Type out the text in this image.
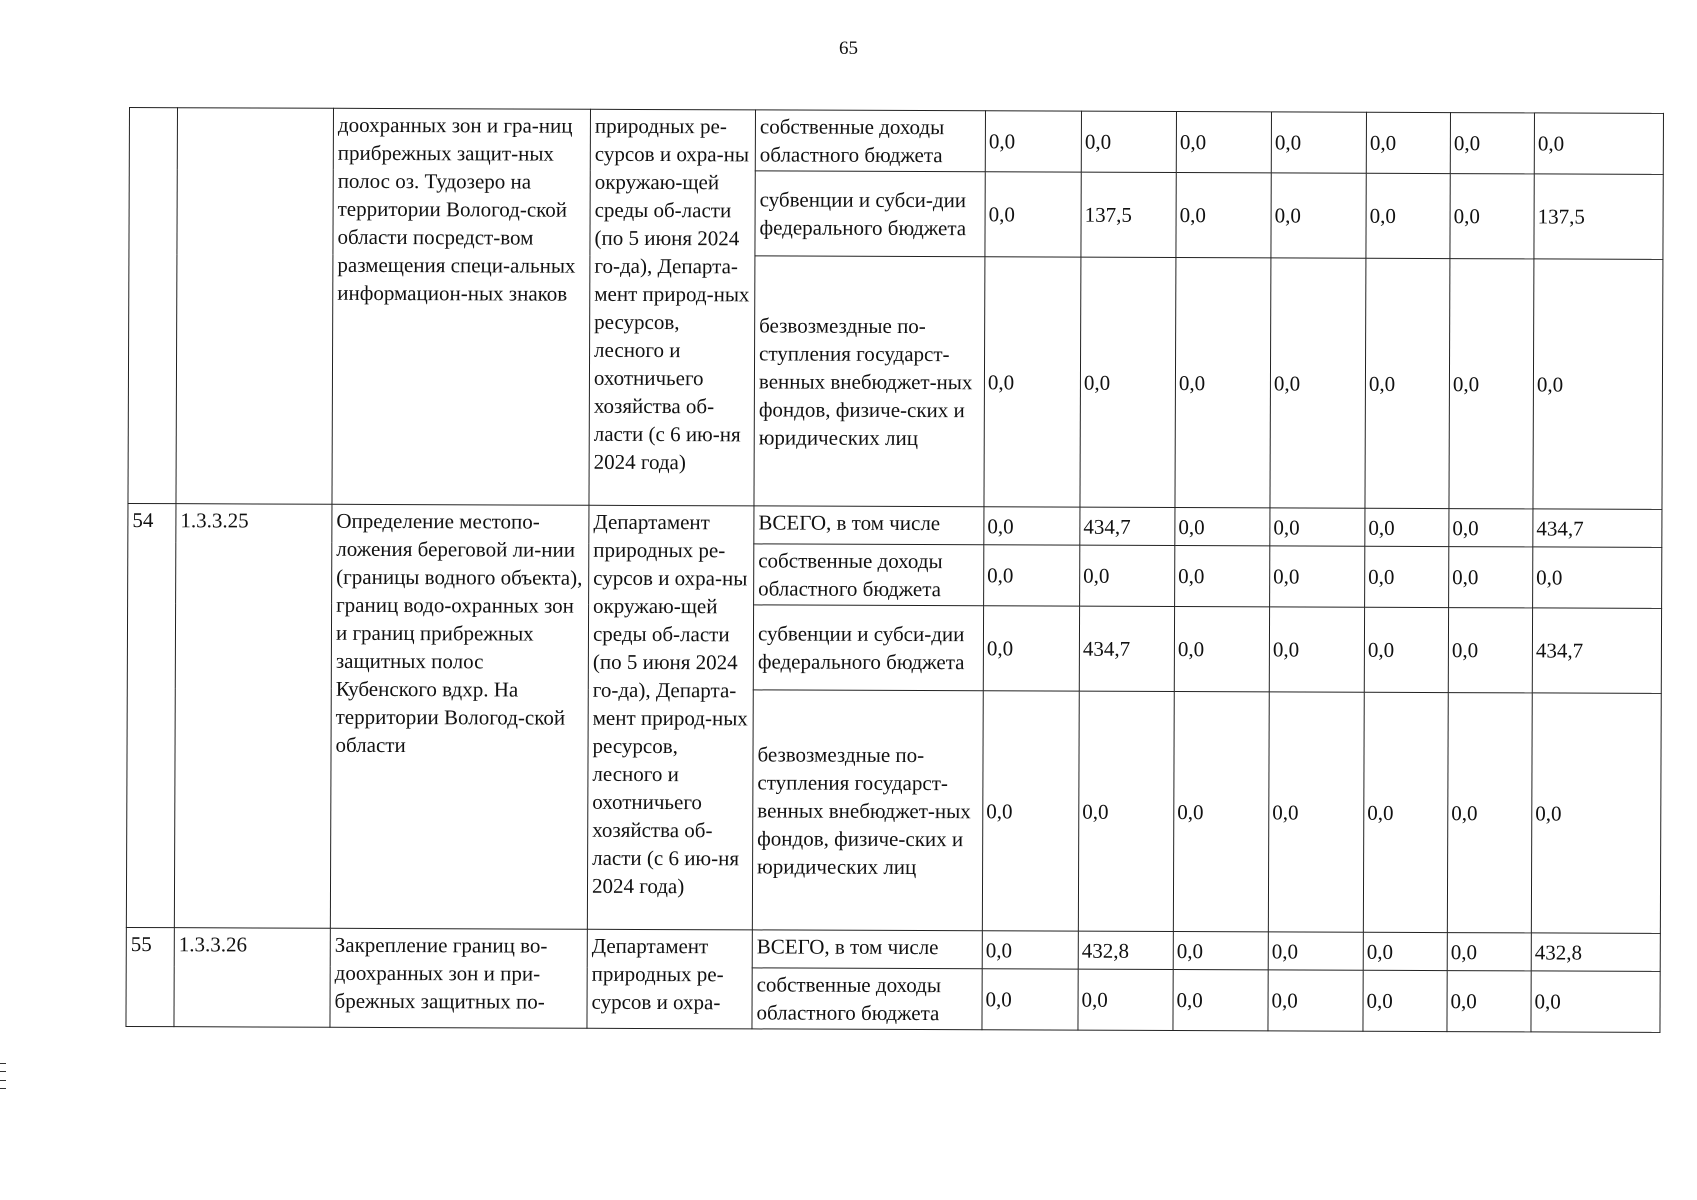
65
		доохранных зон и гра-ниц прибрежных защит-ных полос оз. Тудозеро на территории Вологод-ской области посредст-вом размещения специ-альных информацион-ных знаков	природных ре-сурсов и охра-ны окружаю-щей среды об-ласти (по 5 июня 2024 го-да), Департа-мент природ-ных ресурсов, лесного и охотничьего хозяйства об-ласти (с 6 ию-ня 2024 года)	собственные доходы областного бюджета	0,0	0,0	0,0	0,0	0,0	0,0	0,0
				субвенции и субси-дии федерального бюджета	0,0	137,5	0,0	0,0	0,0	0,0	137,5
				безвозмездные по-ступления государст-венных внебюджет-ных фондов, физиче-ских и юридических лиц	0,0	0,0	0,0	0,0	0,0	0,0	0,0
54	1.3.3.25	Определение местопо-ложения береговой ли-нии (границы водного объекта), границ водо-охранных зон и границ прибрежных защитных полос Кубенского вдхр. На территории Вологод-ской области	Департамент природных ре-сурсов и охра-ны окружаю-щей среды об-ласти (по 5 июня 2024 го-да), Департа-мент природ-ных ресурсов, лесного и охотничьего хозяйства об-ласти (с 6 ию-ня 2024 года)	ВСЕГО, в том числе	0,0	434,7	0,0	0,0	0,0	0,0	434,7
				собственные доходы областного бюджета	0,0	0,0	0,0	0,0	0,0	0,0	0,0
				субвенции и субси-дии федерального бюджета	0,0	434,7	0,0	0,0	0,0	0,0	434,7
				безвозмездные по-ступления государст-венных внебюджет-ных фондов, физиче-ских и юридических лиц	0,0	0,0	0,0	0,0	0,0	0,0	0,0
55	1.3.3.26	Закрепление границ во-доохранных зон и при-брежных защитных по-	Департамент природных ре-сурсов и охра-	ВСЕГО, в том числе	0,0	432,8	0,0	0,0	0,0	0,0	432,8
				собственные доходы областного бюджета	0,0	0,0	0,0	0,0	0,0	0,0	0,0
